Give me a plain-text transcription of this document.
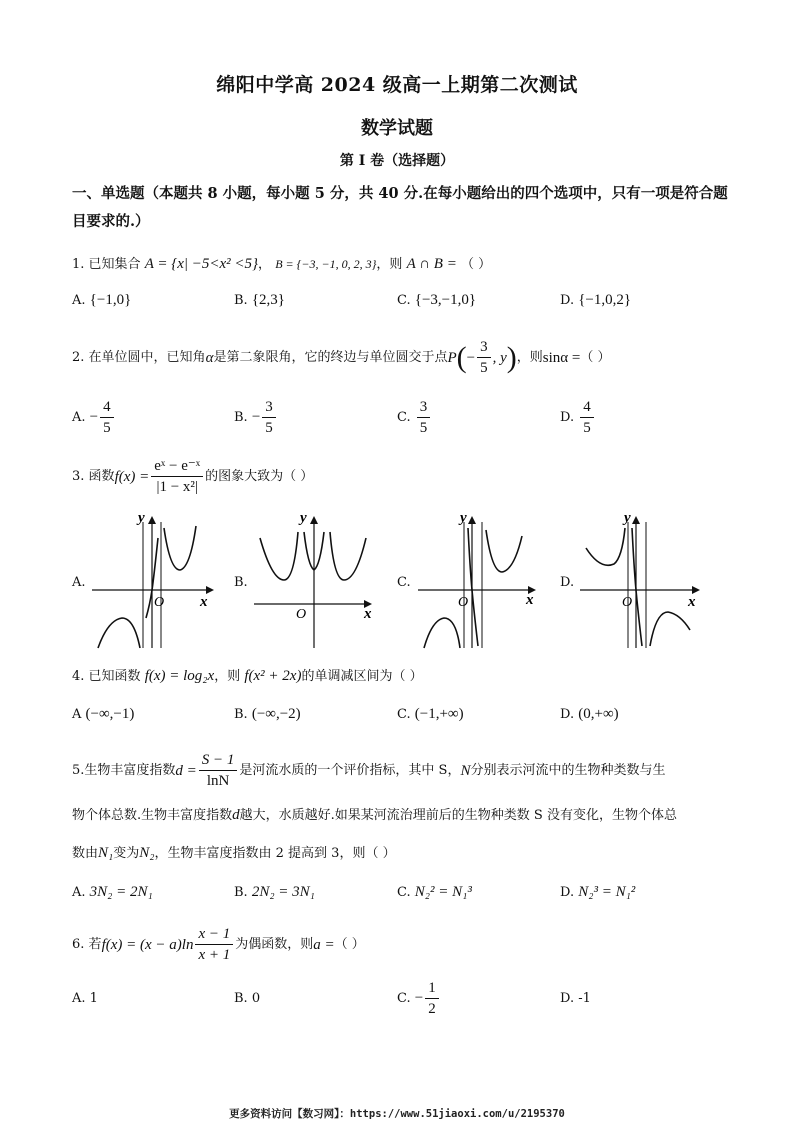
绵阳中学高 2024 级高一上期第二次测试
数学试题
第 I 卷（选择题）
一、单选题（本题共 8 小题，每小题 5 分，共 40 分.在每小题给出的四个选项中，只有一项是符合题目要求的.）
1. 已知集合 A = {x| −5<x² <5}， B = {−3, −1, 0, 2, 3}，则 A ∩ B = （ ）
A. {−1,0}	B. {2,3}	C. {−3,−1,0}	D. {−1,0,2}
2.
在单位圆中，已知角 α 是第二象限角，它的终边与单位圆交于点 P ( − $\frac{3}{5}$ , y ) ，则 sinα = （ ）
A.
− $\frac{4}{5}$	B.
− $\frac{3}{5}$	C.
$\frac{3}{5}$	D.
$\frac{4}{5}$
3.
函数 $f(x) = \frac{\text{eˣ − e⁻ˣ}}{\text{|1 − x²|}}$ 的图象大致为（ ）
A.
y
x
O
B.
y
x
O
C.
y
x
O
D.
y
x
O
4. 已知函数 f(x) = log₂x，则 f(x² + 2x)的单调减区间为（ ）
A (−∞,−1)	B. (−∞,−2)	C. (−1,+∞)	D. (0,+∞)
5. 生物丰富度指数 $d = \frac{S - 1}{\ln N}$ 是河流水质的一个评价指标，其中 S， N 分别表示河流中的生物种类数与生
物个体总数.生物丰富度指数d越大，水质越好.如果某河流治理前后的生物种类数 S 没有变化，生物个体总
数由N₁变为N₂，生物丰富度指数由 2 提高到 3，则（ ）
A. 3N₂ = 2N₁	B. 2N₂ = 3N₁	C. N₂² = N₁³	D. N₂³ = N₁²
6.
若 $f(x) = (x - a)\ln \frac{x - 1}{x + 1}$ 为偶函数，则 a = （ ）
A. 1	B. 0	C.
− $\frac{1}{2}$	D. -1
更多资料访问【数习网】：https://www.51jiaoxi.com/u/2195370
